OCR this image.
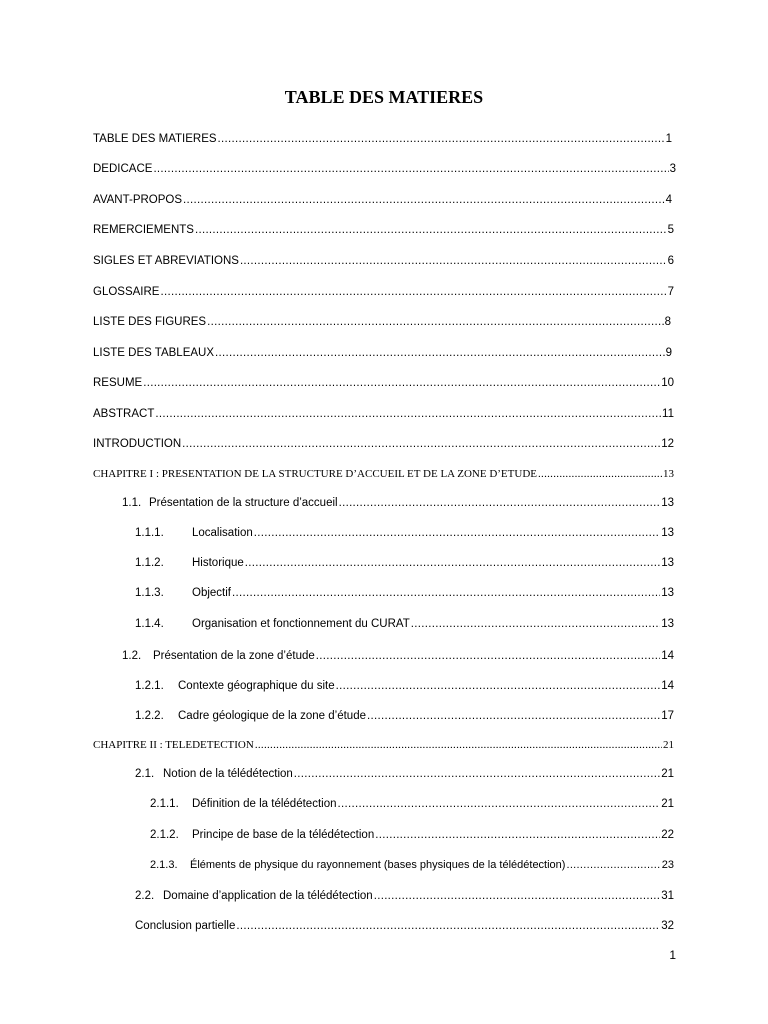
TABLE DES MATIERES
TABLE DES MATIERES .....	1
DEDICACE .....	3
AVANT-PROPOS .....	4
REMERCIEMENTS .....	5
SIGLES ET ABREVIATIONS .....	6
GLOSSAIRE .....	7
LISTE DES FIGURES .....	8
LISTE DES TABLEAUX .....	9
RESUME .....	10
ABSTRACT .....	11
INTRODUCTION .....	12
CHAPITRE I : PRESENTATION DE LA STRUCTURE D’ACCUEIL ET DE LA ZONE D’ETUDE .....	13
1.1. Présentation de la structure d’accueil .....	13
1.1.1.	Localisation .....	13
1.1.2.	Historique .....	13
1.1.3.	Objectif .....	13
1.1.4.	Organisation et fonctionnement du CURAT .....	13
1.2.	Présentation de la zone d’étude .....	14
1.2.1.	Contexte géographique du site .....	14
1.2.2.	Cadre géologique de la zone d’étude .....	17
CHAPITRE II : TELEDETECTION .....	21
2.1. Notion de la télédétection .....	21
2.1.1.	Définition de la télédétection .....	21
2.1.2.	Principe de base de la télédétection .....	22
2.1.3.	Éléments de physique du rayonnement (bases physiques de la télédétection) .....	23
2.2. Domaine d’application de la télédétection .....	31
Conclusion partielle .....	32
1
